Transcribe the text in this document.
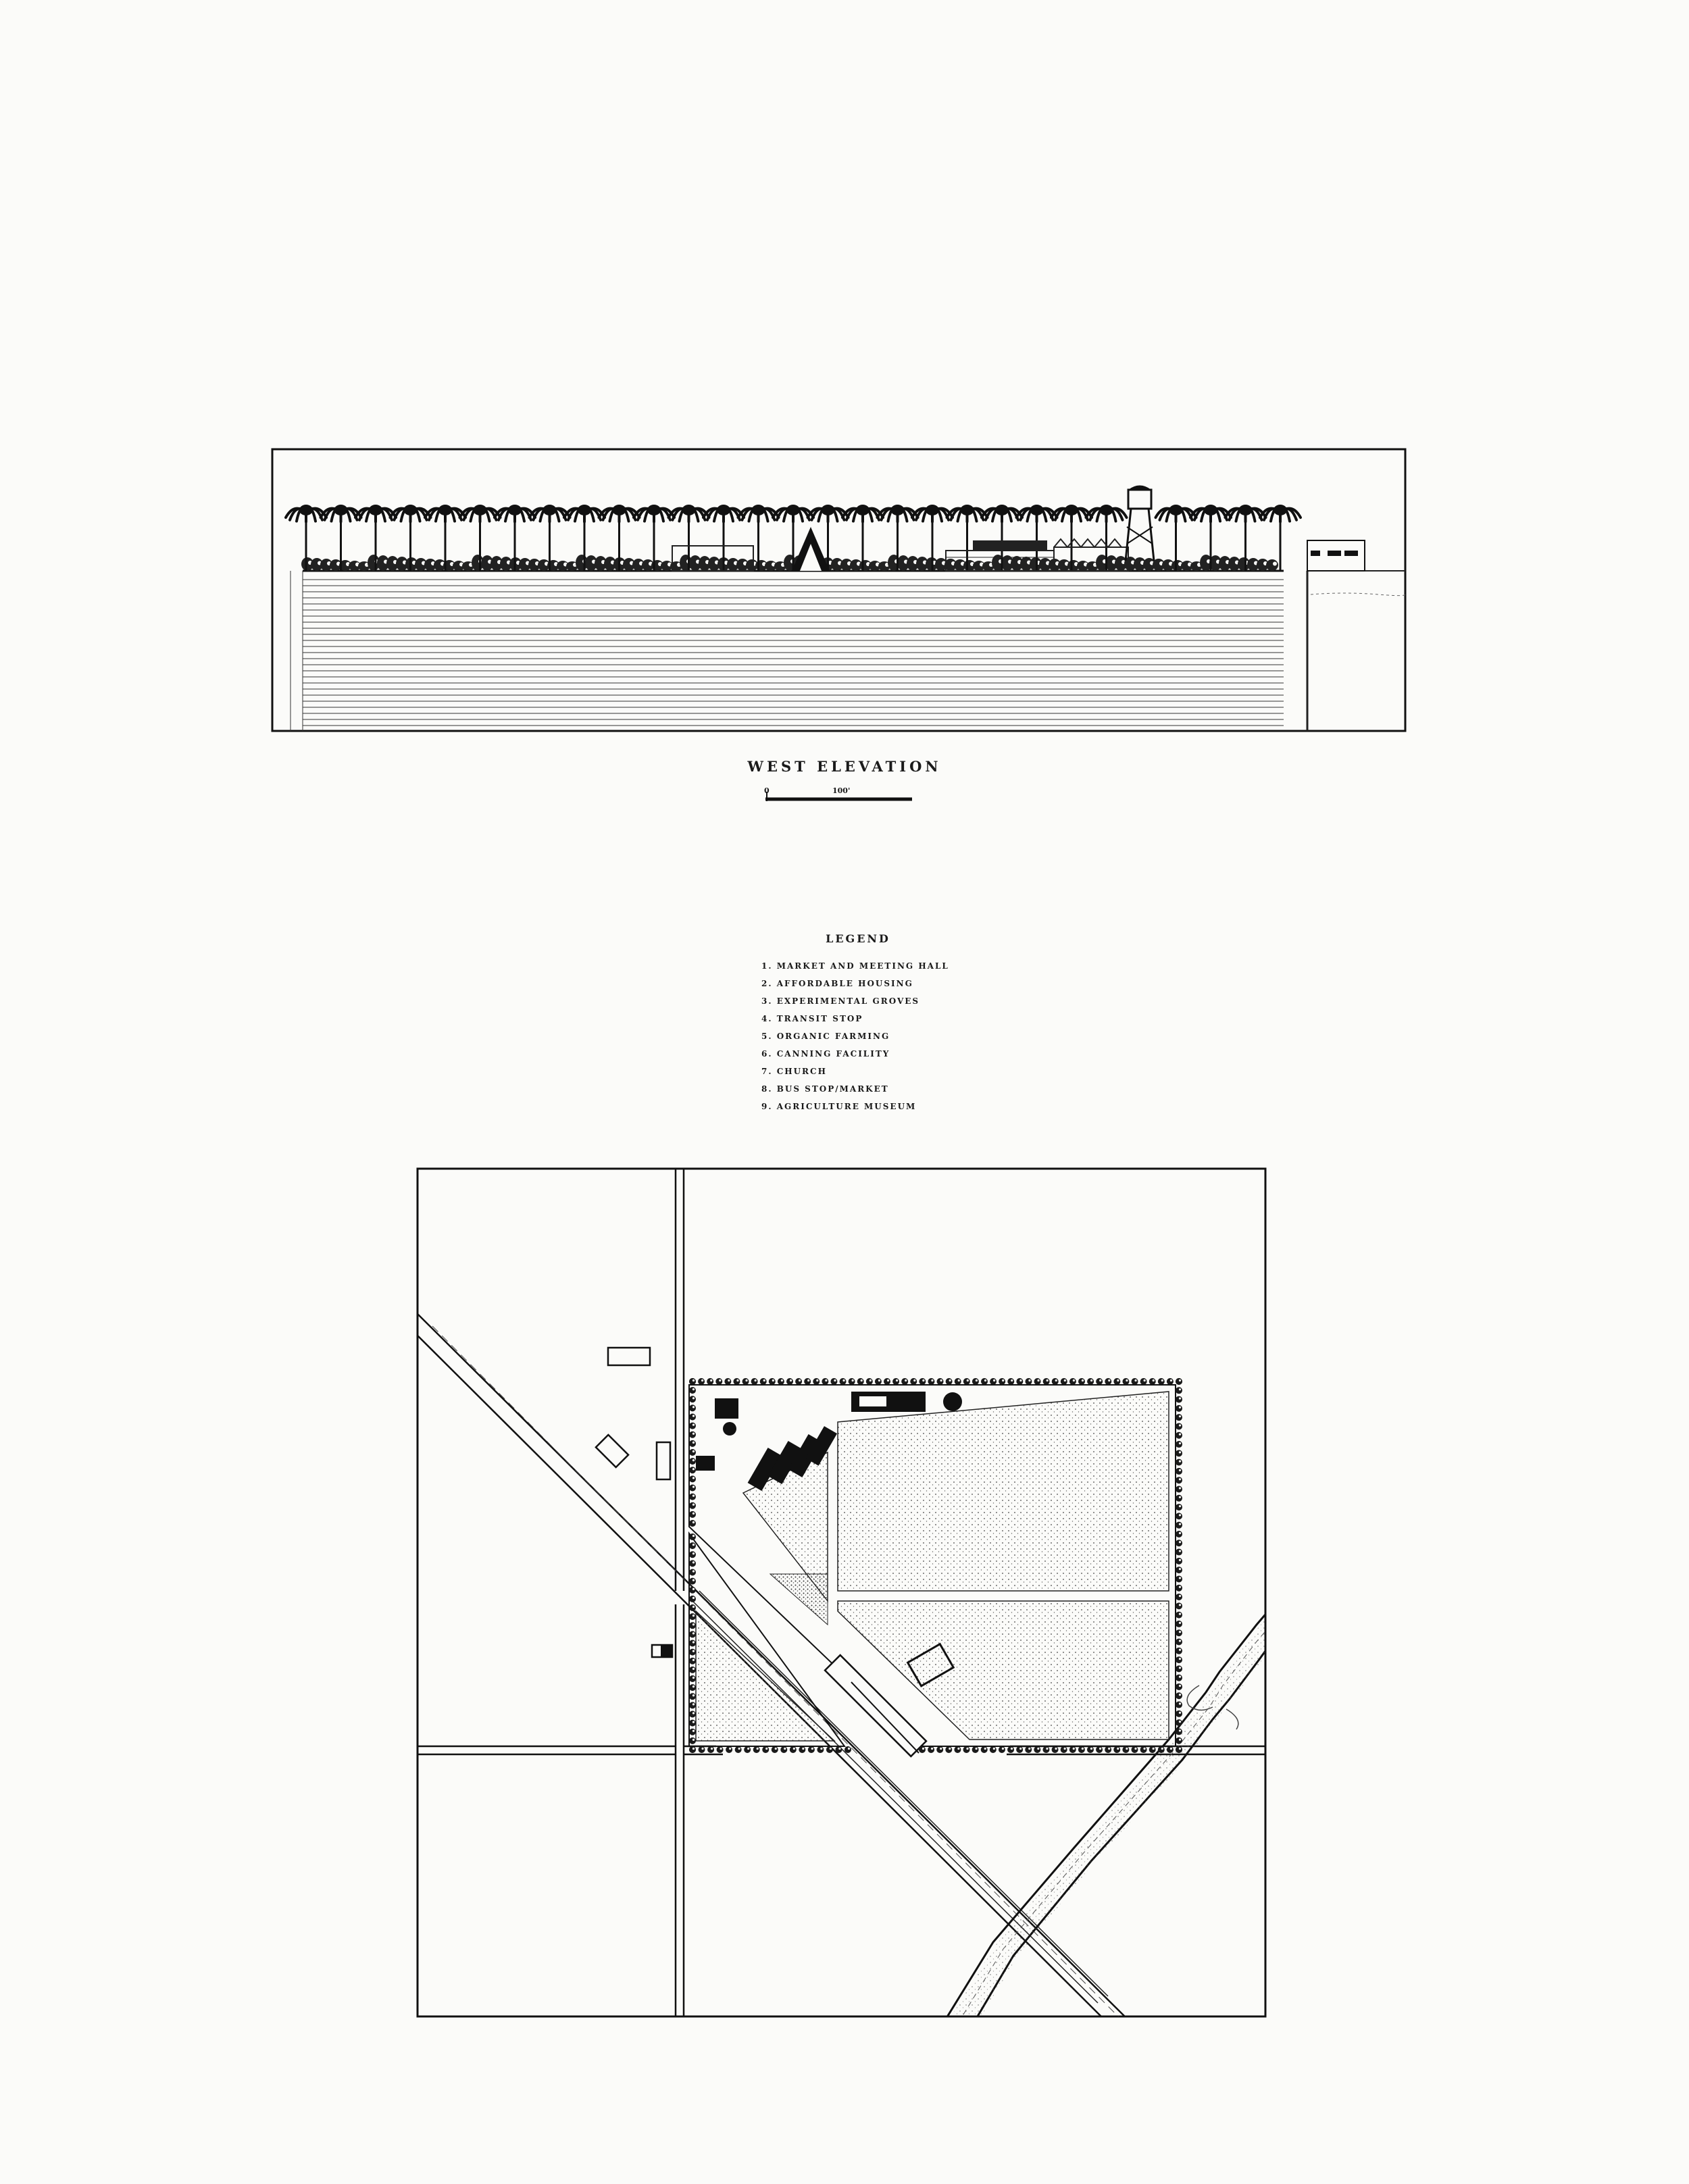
WEST ELEVATION
0	100'
LEGEND
1. MARKET AND MEETING HALL
2. AFFORDABLE HOUSING
3. EXPERIMENTAL GROVES
4. TRANSIT STOP
5. ORGANIC FARMING
6. CANNING FACILITY
7. CHURCH
8. BUS STOP/MARKET
9. AGRICULTURE MUSEUM
